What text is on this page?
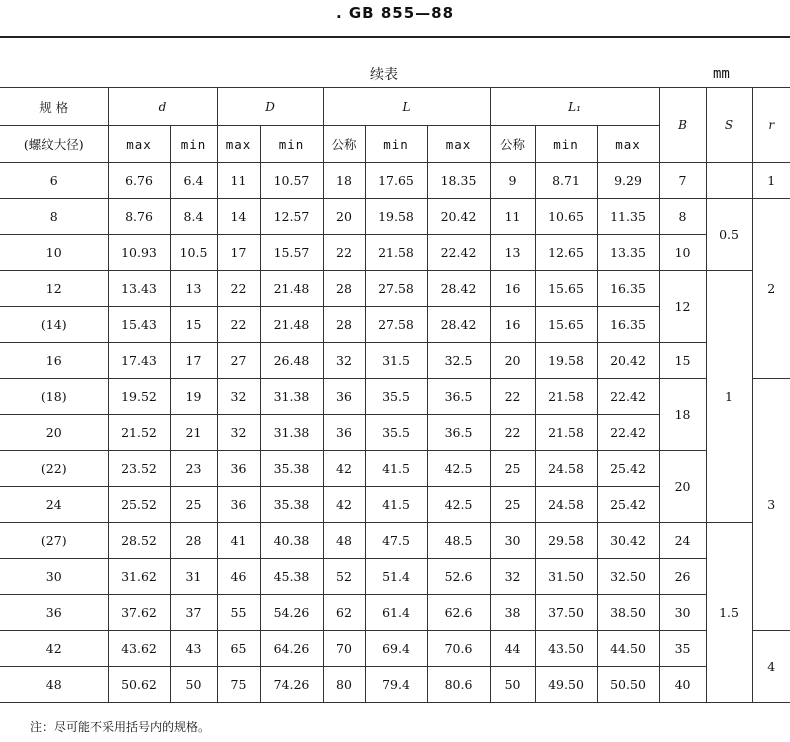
. GB 855—88
续表	mm
规 格	d		D		L			L₁			B	S	r
(螺纹大径)	max	min	max	min	公称	min	max	公称	min	max			
6	6.76	6.4	11	10.57	18	17.65	18.35	9	8.71	9.29	7		1
8	8.76	8.4	14	12.57	20	19.58	20.42	11	10.65	11.35	8	0.5	2
10	10.93	10.5	17	15.57	22	21.58	22.42	13	12.65	13.35	10		
12	13.43	13	22	21.48	28	27.58	28.42	16	15.65	16.35	12	1	
(14)	15.43	15	22	21.48	28	27.58	28.42	16	15.65	16.35			
16	17.43	17	27	26.48	32	31.5	32.5	20	19.58	20.42	15		
(18)	19.52	19	32	31.38	36	35.5	36.5	22	21.58	22.42	18		3
20	21.52	21	32	31.38	36	35.5	36.5	22	21.58	22.42			
(22)	23.52	23	36	35.38	42	41.5	42.5	25	24.58	25.42	20		
24	25.52	25	36	35.38	42	41.5	42.5	25	24.58	25.42			
(27)	28.52	28	41	40.38	48	47.5	48.5	30	29.58	30.42	24	1.5	
30	31.62	31	46	45.38	52	51.4	52.6	32	31.50	32.50	26		
36	37.62	37	55	54.26	62	61.4	62.6	38	37.50	38.50	30		
42	43.62	43	65	64.26	70	69.4	70.6	44	43.50	44.50	35		4
48	50.62	50	75	74.26	80	79.4	80.6	50	49.50	50.50	40		
注：尽可能不采用括号内的规格。
